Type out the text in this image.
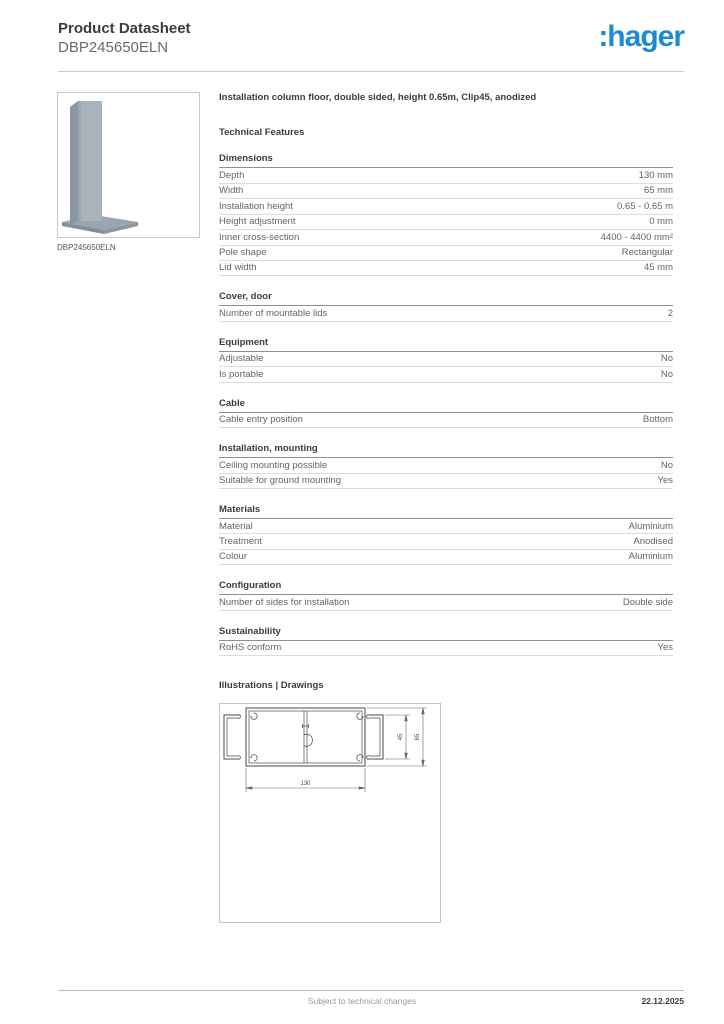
Product Datasheet
DBP245650ELN	:hager
DBP245650ELN
Installation column floor, double sided, height 0.65m, Clip45, anodized
Technical Features
Dimensions
Depth	130 mm
Width	65 mm
Installation height	0.65 - 0.65 m
Height adjustment	0 mm
Inner cross-section	4400 - 4400 mm²
Pole shape	Rectangular
Lid width	45 mm
Cover, door
Number of mountable lids	2
Equipment
Adjustable	No
Is portable	No
Cable
Cable entry position	Bottom
Installation, mounting
Ceiling mounting possible	No
Suitable for ground mounting	Yes
Materials
Material	Aluminium
Treatment	Anodised
Colour	Aluminium
Configuration
Number of sides for installation	Double side
Sustainability
RoHS conform	Yes
Illustrations | Drawings
130
45 65
Subject to technical changes	22.12.2025
